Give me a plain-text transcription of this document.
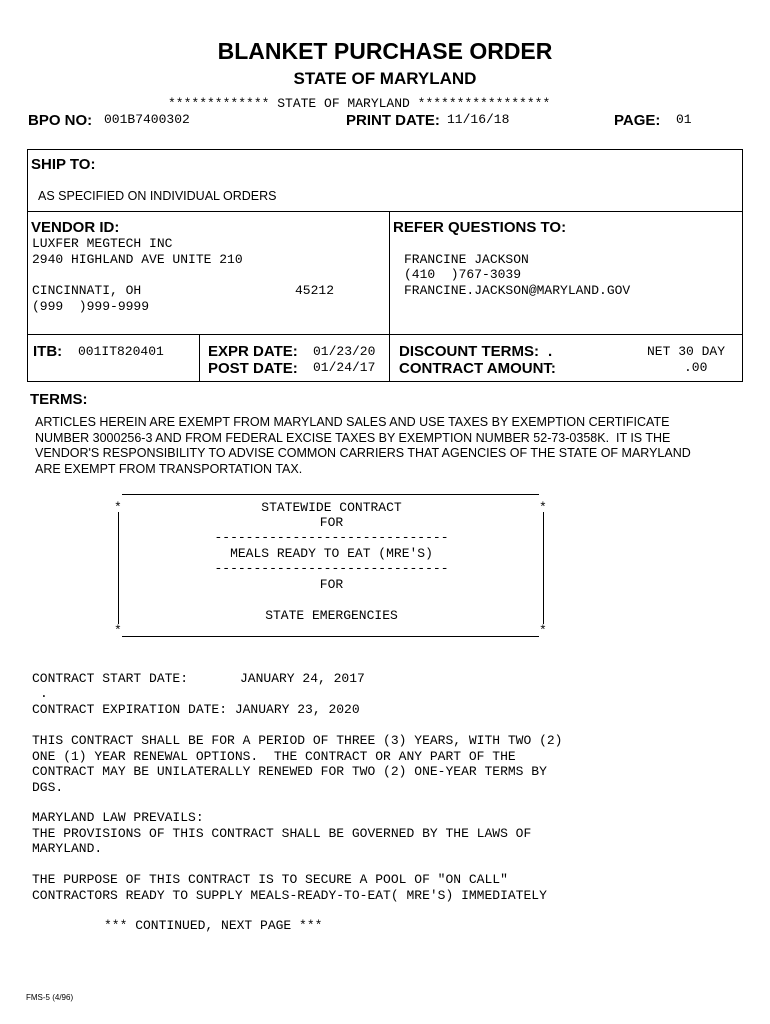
BLANKET PURCHASE ORDER
STATE OF MARYLAND
************* STATE OF MARYLAND *****************
BPO NO: 001B7400302	PRINT DATE: 11/16/18	PAGE: 01
SHIP TO:
AS SPECIFIED ON INDIVIDUAL ORDERS
VENDOR ID:
LUXFER MEGTECH INC
2940 HIGHLAND AVE UNITE 210
CINCINNATI, OH	45212
(999  )999-9999
REFER QUESTIONS TO:
FRANCINE JACKSON
(410  )767-3039
FRANCINE.JACKSON@MARYLAND.GOV
ITB: 001IT820401	EXPR DATE: 01/23/20
POST DATE: 01/24/17
DISCOUNT TERMS: .	NET 30 DAY
CONTRACT AMOUNT:	.00
TERMS:
ARTICLES HEREIN ARE EXEMPT FROM MARYLAND SALES AND USE TAXES BY EXEMPTION CERTIFICATE
NUMBER 3000256-3 AND FROM FEDERAL EXCISE TAXES BY EXEMPTION NUMBER 52-73-0358K.  IT IS THE
VENDOR'S RESPONSIBILITY TO ADVISE COMMON CARRIERS THAT AGENCIES OF THE STATE OF MARYLAND
ARE EXEMPT FROM TRANSPORTATION TAX.
*	*
*	*
STATEWIDE CONTRACT
FOR
------------------------------
MEALS READY TO EAT (MRE'S)
------------------------------
FOR
STATE EMERGENCIES
CONTRACT START DATE:	JANUARY 24, 2017
.
CONTRACT EXPIRATION DATE: JANUARY 23, 2020
THIS CONTRACT SHALL BE FOR A PERIOD OF THREE (3) YEARS, WITH TWO (2)
ONE (1) YEAR RENEWAL OPTIONS.  THE CONTRACT OR ANY PART OF THE
CONTRACT MAY BE UNILATERALLY RENEWED FOR TWO (2) ONE-YEAR TERMS BY
DGS.
MARYLAND LAW PREVAILS:
THE PROVISIONS OF THIS CONTRACT SHALL BE GOVERNED BY THE LAWS OF
MARYLAND.
THE PURPOSE OF THIS CONTRACT IS TO SECURE A POOL OF "ON CALL"
CONTRACTORS READY TO SUPPLY MEALS-READY-TO-EAT( MRE'S) IMMEDIATELY
*** CONTINUED, NEXT PAGE ***
FMS-5 (4/96)
